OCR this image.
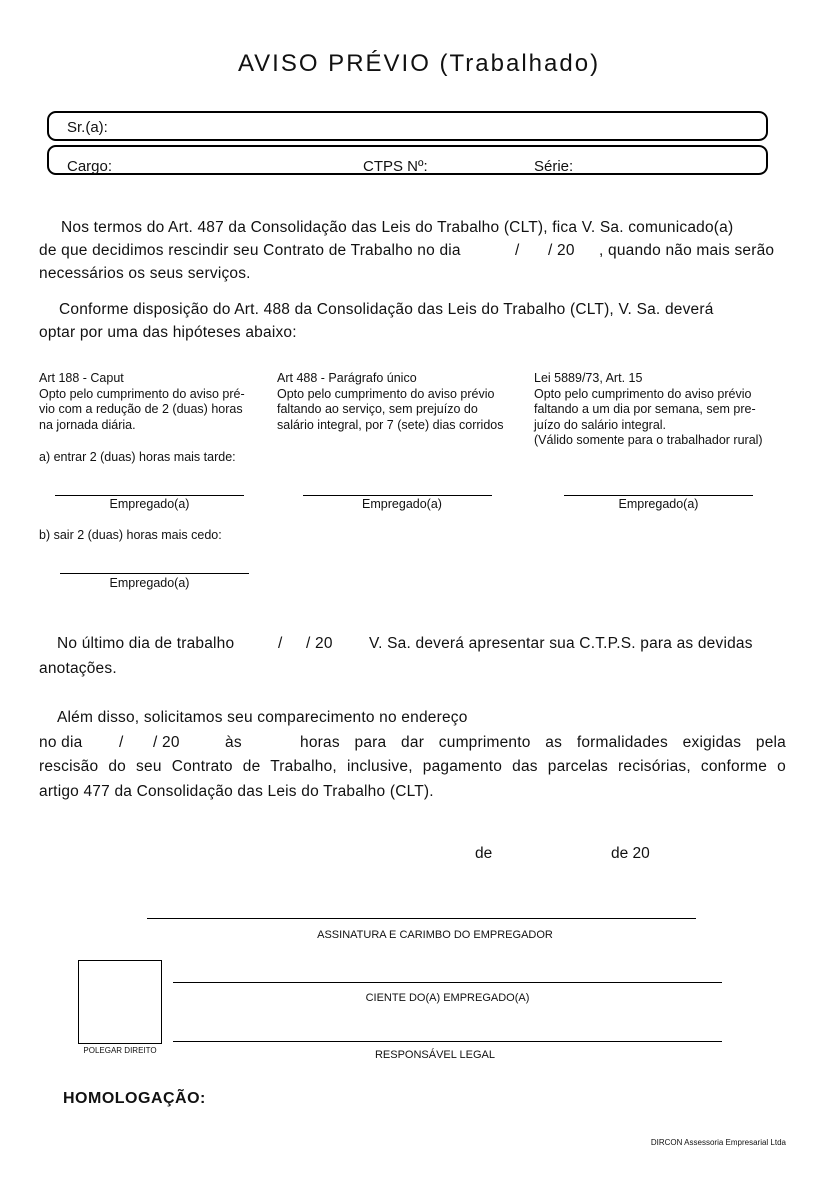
AVISO PRÉVIO (Trabalhado)
Sr.(a):
Cargo:	CTPS Nº:	Série:
Nos termos do Art. 487 da Consolidação das Leis do Trabalho (CLT), fica V. Sa. comunicado(a)
de que decidimos rescindir seu Contrato de Trabalho no dia	/ / 20 , quando não mais serão
necessários os seus serviços.
Conforme disposição do Art. 488 da Consolidação das Leis do Trabalho (CLT), V. Sa. deverá
optar por uma das hipóteses abaixo:
Art 188 - Caput
Opto pelo cumprimento do aviso pré-
vio com a redução de 2 (duas) horas
na jornada diária.
Art 488 - Parágrafo único
Opto pelo cumprimento do aviso prévio
faltando ao serviço, sem prejuízo do
salário integral, por 7 (sete) dias corridos
Lei 5889/73, Art. 15
Opto pelo cumprimento do aviso prévio
faltando a um dia por semana, sem pre-
juízo do salário integral.
(Válido somente para o trabalhador rural)
a) entrar 2 (duas) horas mais tarde:
Empregado(a)	Empregado(a)	Empregado(a)
b) sair 2 (duas) horas mais cedo:
Empregado(a)
No último dia de trabalho	/ / 20 V. Sa. deverá apresentar sua C.T.P.S. para as devidas
anotações.
Além disso, solicitamos seu comparecimento no endereço
no dia / / 20	às	horas para dar cumprimento as formalidades exigidas pela
rescisão do seu Contrato de Trabalho, inclusive, pagamento das parcelas recisórias, conforme o
artigo 477 da Consolidação das Leis do Trabalho (CLT).
de	de 20
ASSINATURA E CARIMBO DO EMPREGADOR
POLEGAR DIREITO
CIENTE DO(A) EMPREGADO(A)
RESPONSÁVEL LEGAL
HOMOLOGAÇÃO:
DIRCON Assessoria Empresarial Ltda
